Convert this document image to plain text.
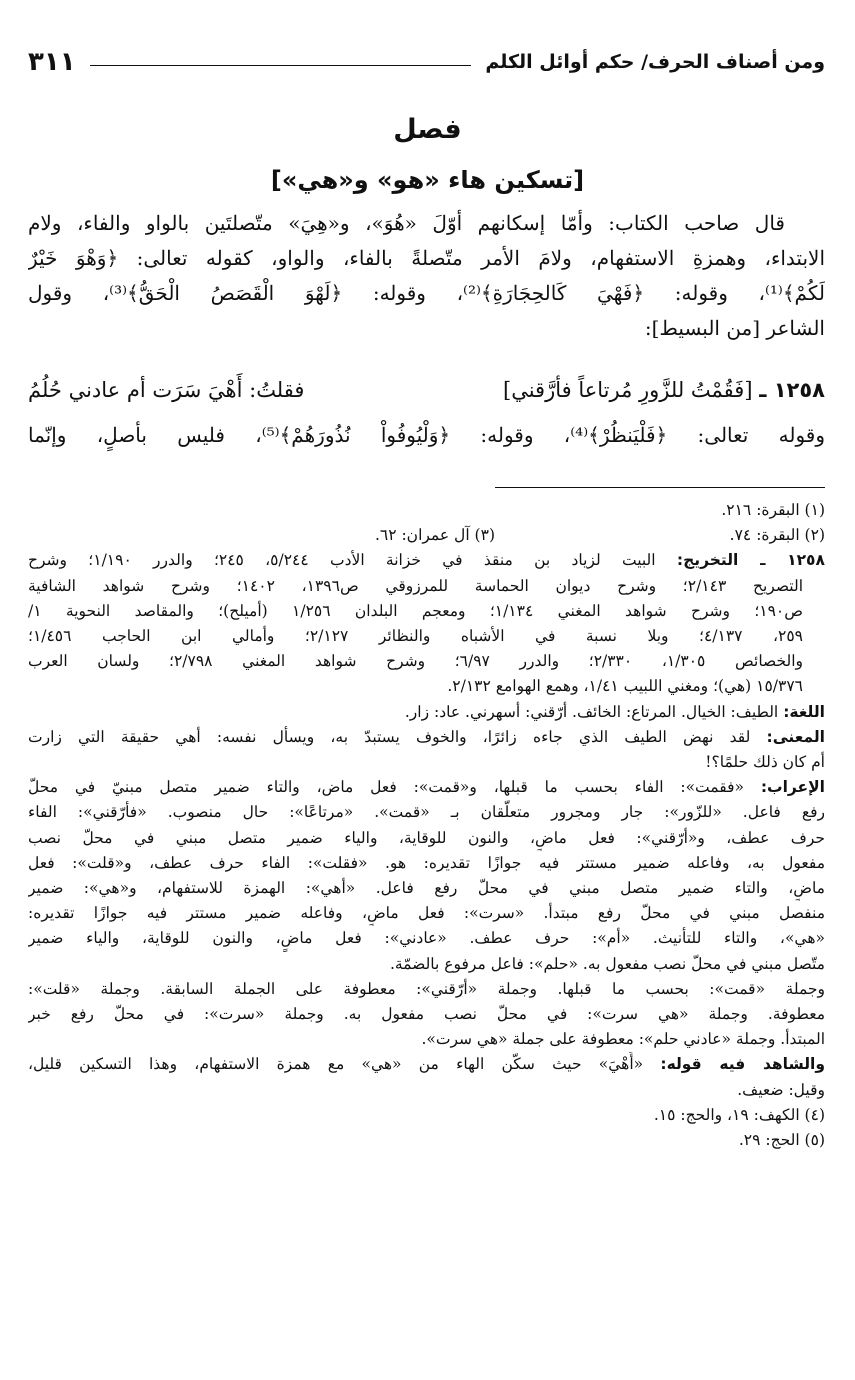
ومن أصناف الحرف/ حكم أوائل الكلم
٣١١
فصل
[تسكين هاء «هو» و«هي»]
قال صاحب الكتاب: وأمّا إسكانهم أوّلَ «هُوَ»، و«هِيَ» متّصلتَين بالواو والفاء، ولام
الابتداء، وهمزةِ الاستفهام، ولامَ الأمر متّصلةً بالفاء، والواو، كقوله تعالى: ﴿وَهْوَ خَيْرٌ
لَكُمْ﴾⁽¹⁾، وقوله: ﴿فَهْيَ كَالحِجَارَةِ﴾⁽²⁾، وقوله: ﴿لَهْوَ الْقَصَصُ الْحَقُّ﴾⁽³⁾، وقول
الشاعر [من البسيط]:
١٢٥٨ ـ [فَقُمْتُ للزَّورِ مُرتاعاً فأرَّقني]
فقلتُ: أَهْيَ سَرَت أم عادني حُلُمُ
وقوله تعالى: ﴿فَلْيَنظُرْ﴾⁽⁴⁾، وقوله: ﴿وَلْيُوفُواْ نُذُورَهُمْ﴾⁽⁵⁾، فليس بأصلٍ، وإنّما
(١) البقرة: ٢١٦.
(٢) البقرة: ٧٤.
(٣) آل عمران: ٦٢.
١٢٥٨ ـ التخريج: البيت لزياد بن منقذ في خزانة الأدب ٥/٢٤٤، ٢٤٥؛ والدرر ١/١٩٠؛ وشرح
التصريح ٢/١٤٣؛ وشرح ديوان الحماسة للمرزوقي ص١٣٩٦، ١٤٠٢؛ وشرح شواهد الشافية
ص١٩٠؛ وشرح شواهد المغني ١/١٣٤؛ ومعجم البلدان ١/٢٥٦ (أميلح)؛ والمقاصد النحوية ١/
٢٥٩، ٤/١٣٧؛ وبلا نسبة في الأشباه والنظائر ٢/١٢٧؛ وأمالي ابن الحاجب ١/٤٥٦؛
والخصائص ١/٣٠٥، ٢/٣٣٠؛ والدرر ٦/٩٧؛ وشرح شواهد المغني ٢/٧٩٨؛ ولسان العرب
١٥/٣٧٦ (هي)؛ ومغني اللبيب ١/٤١، وهمع الهوامع ٢/١٣٢.
اللغة: الطيف: الخيال. المرتاع: الخائف. أرّقني: أسهرني. عاد: زار.
المعنى: لقد نهض الطيف الذي جاءه زائرًا، والخوف يستبدّ به، ويسأل نفسه: أهي حقيقة التي زارت
أم كان ذلك حلمًا؟!
الإعراب: «فقمت»: الفاء بحسب ما قبلها، و«قمت»: فعل ماض، والتاء ضمير متصل مبنيّ في محلّ
رفع فاعل. «للزّور»: جار ومجرور متعلّقان بـ «قمت». «مرتاعًا»: حال منصوب. «فأرّقني»: الفاء
حرف عطف، و«أرّقني»: فعل ماضٍ، والنون للوقاية، والياء ضمير متصل مبني في محلّ نصب
مفعول به، وفاعله ضمير مستتر فيه جوازًا تقديره: هو. «فقلت»: الفاء حرف عطف، و«قلت»: فعل
ماضٍ، والتاء ضمير متصل مبني في محلّ رفع فاعل. «أهي»: الهمزة للاستفهام، و«هي»: ضمير
منفصل مبني في محلّ رفع مبتدأ. «سرت»: فعل ماضٍ، وفاعله ضمير مستتر فيه جوازًا تقديره:
«هي»، والتاء للتأنيث. «أم»: حرف عطف. «عادني»: فعل ماضٍ، والنون للوقاية، والياء ضمير
متّصل مبني في محلّ نصب مفعول به. «حلم»: فاعل مرفوع بالضمّة.
وجملة «قمت»: بحسب ما قبلها. وجملة «أرّقني»: معطوفة على الجملة السابقة. وجملة «قلت»:
معطوفة. وجملة «هي سرت»: في محلّ نصب مفعول به. وجملة «سرت»: في محلّ رفع خبر
المبتدأ. وجملة «عادني حلم»: معطوفة على جملة «هي سرت».
والشاهد فيه قوله: «أَهْيَ» حيث سكّن الهاء من «هي» مع همزة الاستفهام، وهذا التسكين قليل،
وقيل: ضعيف.
(٤) الكهف: ١٩، والحج: ١٥.
(٥) الحج: ٢٩.
